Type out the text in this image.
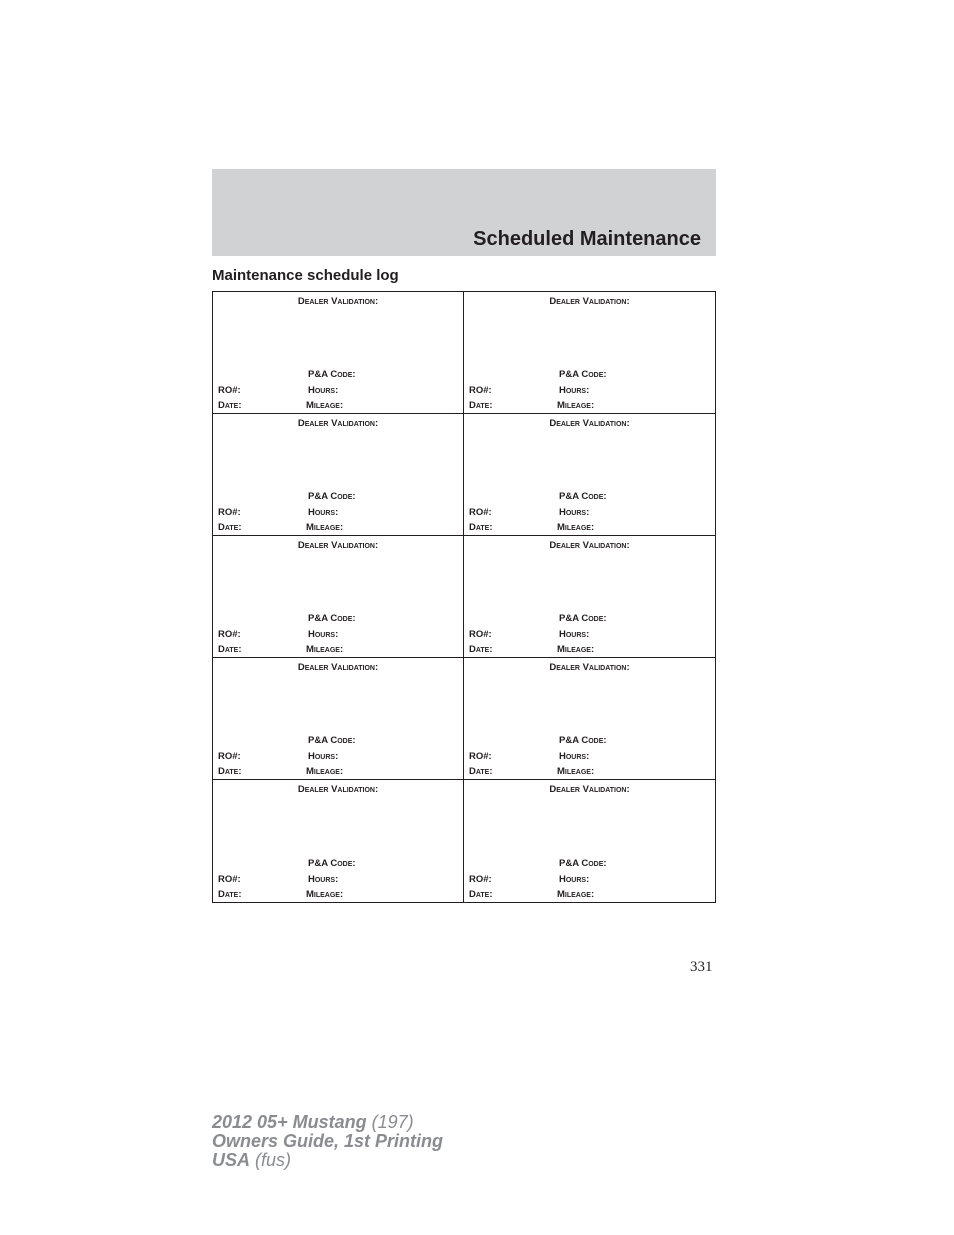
Scheduled Maintenance
Maintenance schedule log
Dealer Validation:
P&A Code:
RO#:	Hours:
Date:	Mileage:
Dealer Validation:
P&A Code:
RO#:	Hours:
Date:	Mileage:
Dealer Validation:
P&A Code:
RO#:	Hours:
Date:	Mileage:
Dealer Validation:
P&A Code:
RO#:	Hours:
Date:	Mileage:
Dealer Validation:
P&A Code:
RO#:	Hours:
Date:	Mileage:
Dealer Validation:
P&A Code:
RO#:	Hours:
Date:	Mileage:
Dealer Validation:
P&A Code:
RO#:	Hours:
Date:	Mileage:
Dealer Validation:
P&A Code:
RO#:	Hours:
Date:	Mileage:
Dealer Validation:
P&A Code:
RO#:	Hours:
Date:	Mileage:
Dealer Validation:
P&A Code:
RO#:	Hours:
Date:	Mileage:
331
2012 05+ Mustang (197)
Owners Guide, 1st Printing
USA (fus)
